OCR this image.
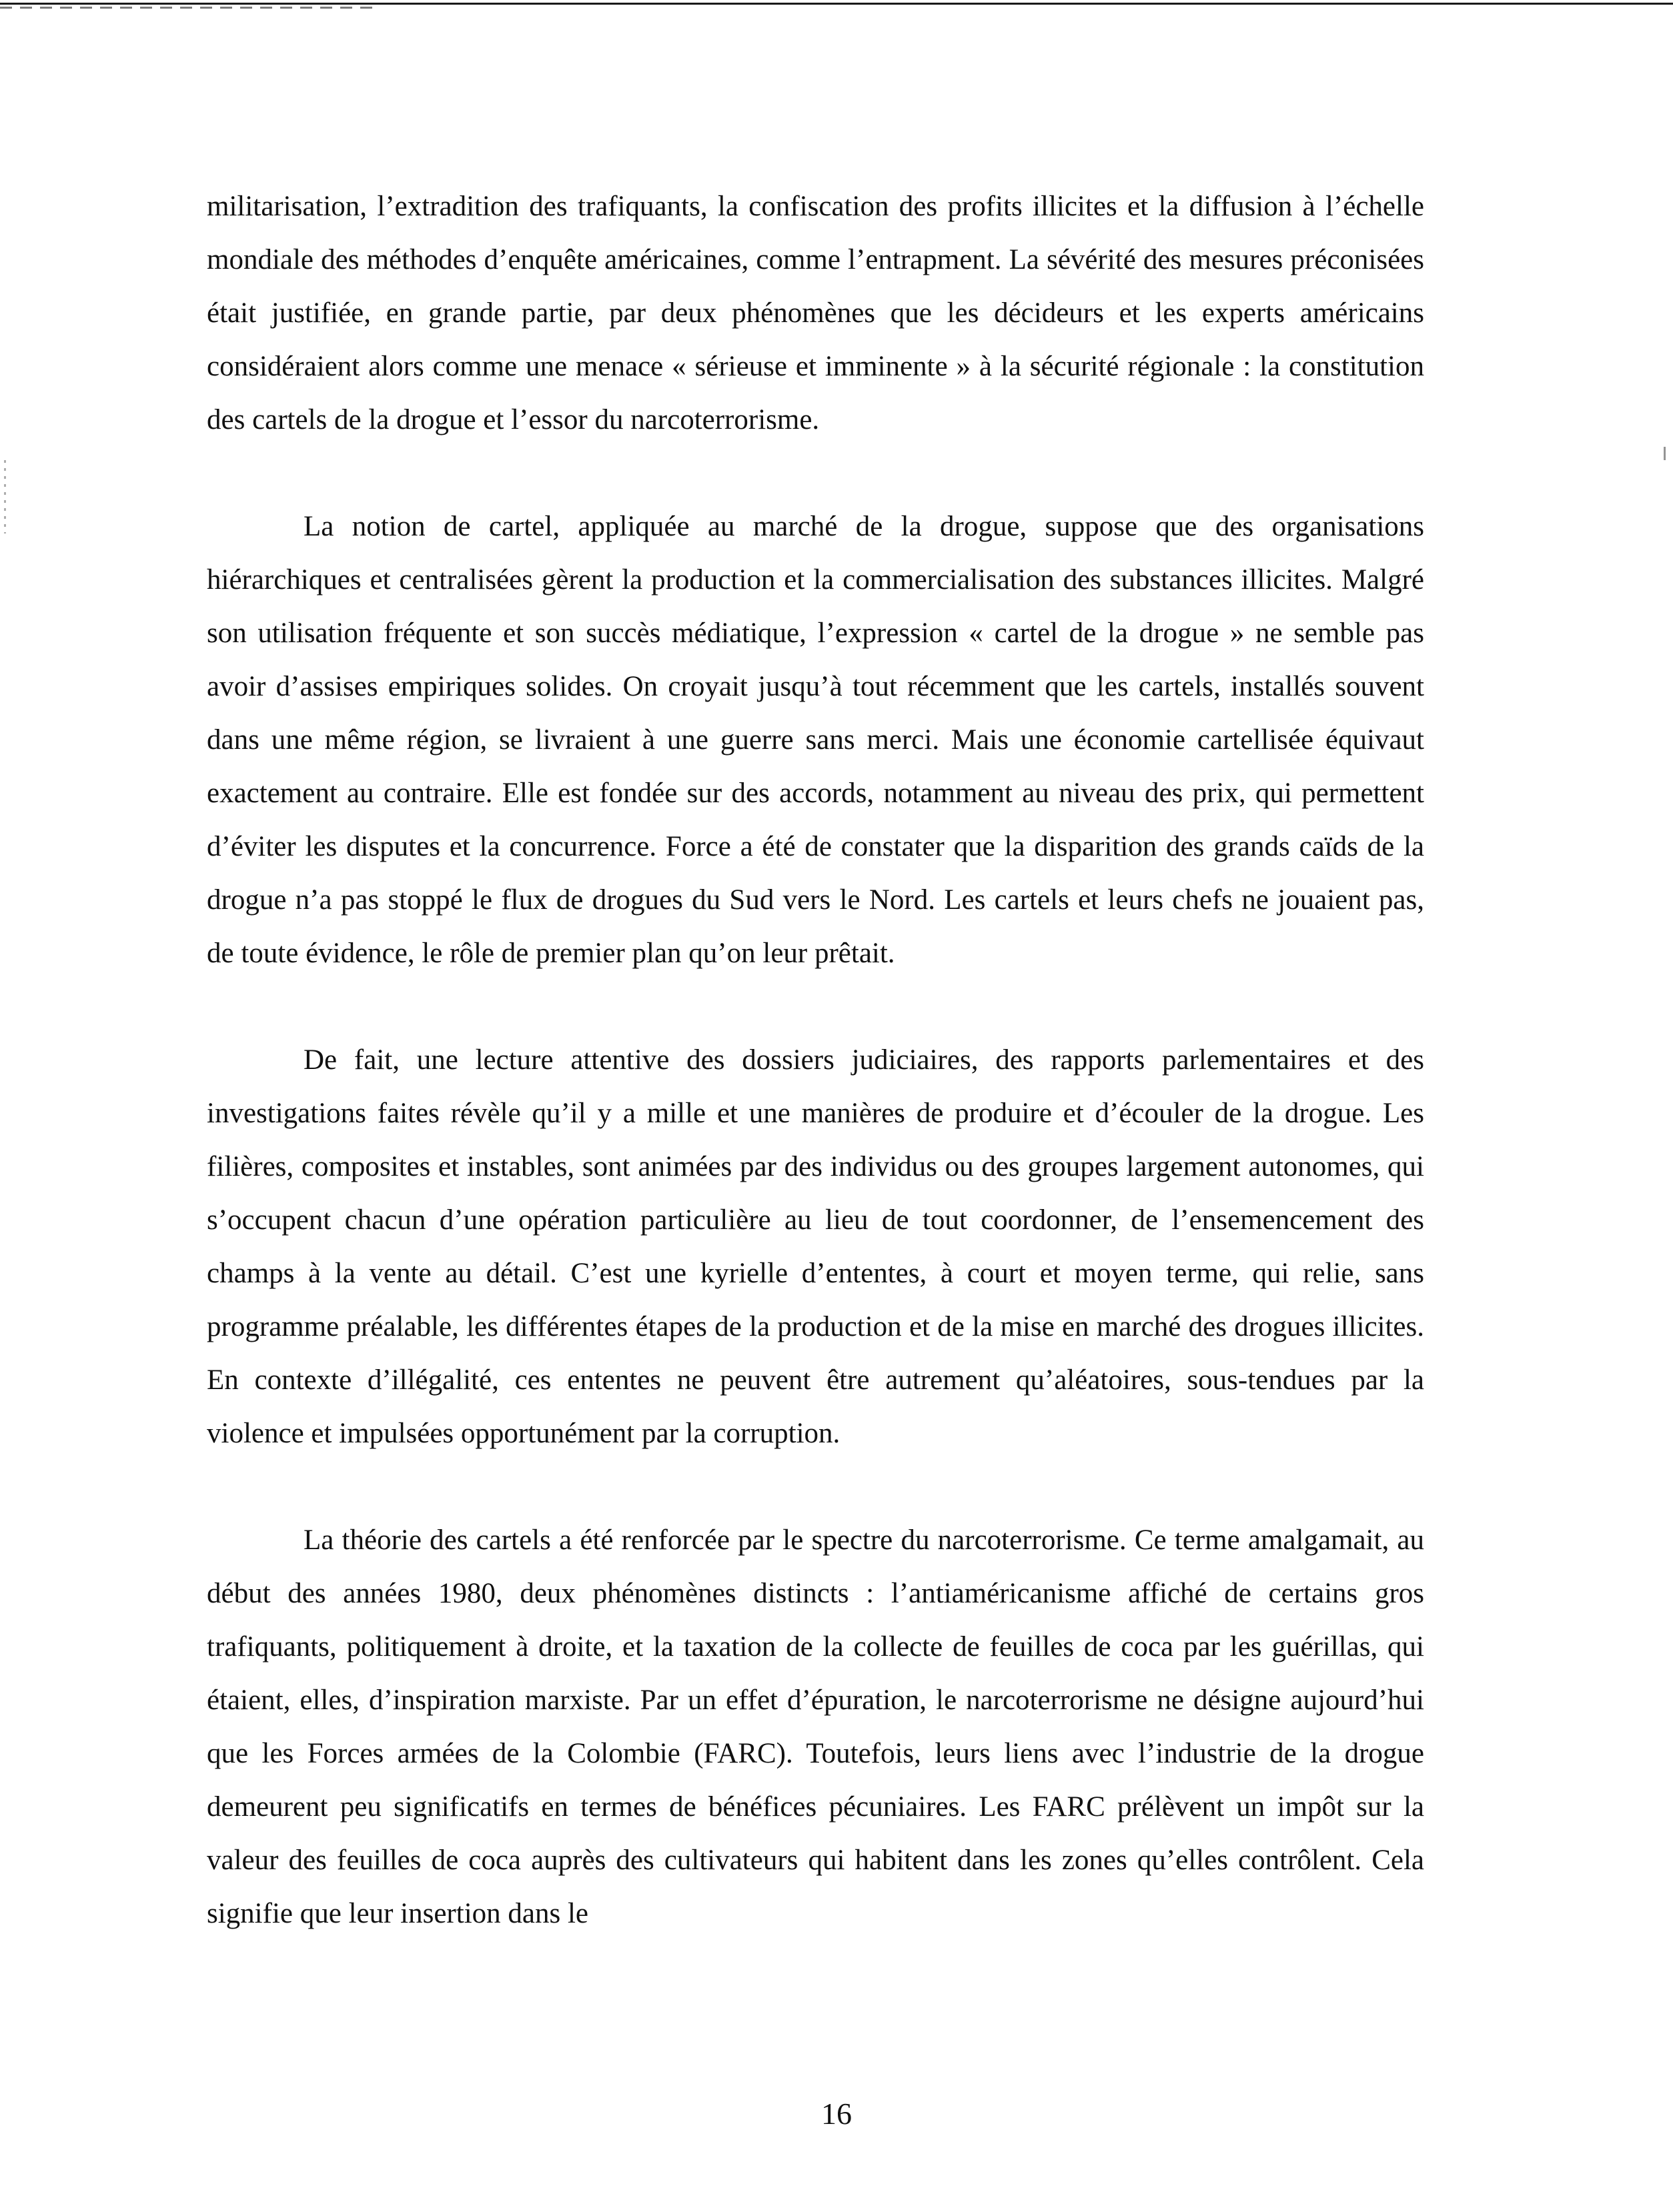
militarisation, l’extradition des trafiquants, la confiscation des profits illicites et la diffusion à l’échelle mondiale des méthodes d’enquête américaines, comme l’entrapment. La sévérité des mesures préconisées était justifiée, en grande partie, par deux phénomènes que les décideurs et les experts américains considéraient alors comme une menace « sérieuse et imminente » à la sécurité régionale : la constitution des cartels de la drogue et l’essor du narcoterrorisme.

La notion de cartel, appliquée au marché de la drogue, suppose que des organisations hiérarchiques et centralisées gèrent la production et la commercialisation des substances illicites. Malgré son utilisation fréquente et son succès médiatique, l’expression « cartel de la drogue » ne semble pas avoir d’assises empiriques solides. On croyait jusqu’à tout récemment que les cartels, installés souvent dans une même région, se livraient à une guerre sans merci. Mais une économie cartellisée équivaut exactement au contraire. Elle est fondée sur des accords, notamment au niveau des prix, qui permettent d’éviter les disputes et la concurrence. Force a été de constater que la disparition des grands caïds de la drogue n’a pas stoppé le flux de drogues du Sud vers le Nord. Les cartels et leurs chefs ne jouaient pas, de toute évidence, le rôle de premier plan qu’on leur prêtait.

De fait, une lecture attentive des dossiers judiciaires, des rapports parlementaires et des investigations faites révèle qu’il y a mille et une manières de produire et d’écouler de la drogue. Les filières, composites et instables, sont animées par des individus ou des groupes largement autonomes, qui s’occupent chacun d’une opération particulière au lieu de tout coordonner, de l’ensemencement des champs à la vente au détail. C’est une kyrielle d’ententes, à court et moyen terme, qui relie, sans programme préalable, les différentes étapes de la production et de la mise en marché des drogues illicites. En contexte d’illégalité, ces ententes ne peuvent être autrement qu’aléatoires, sous-tendues par la violence et impulsées opportunément par la corruption.

La théorie des cartels a été renforcée par le spectre du narcoterrorisme. Ce terme amalgamait, au début des années 1980, deux phénomènes distincts : l’antiaméricanisme affiché de certains gros trafiquants, politiquement à droite, et la taxation de la collecte de feuilles de coca par les guérillas, qui étaient, elles, d’inspiration marxiste. Par un effet d’épuration, le narcoterrorisme ne désigne aujourd’hui que les Forces armées de la Colombie (FARC). Toutefois, leurs liens avec l’industrie de la drogue demeurent peu significatifs en termes de bénéfices pécuniaires. Les FARC prélèvent un impôt sur la valeur des feuilles de coca auprès des cultivateurs qui habitent dans les zones qu’elles contrôlent. Cela signifie que leur insertion dans le

16
